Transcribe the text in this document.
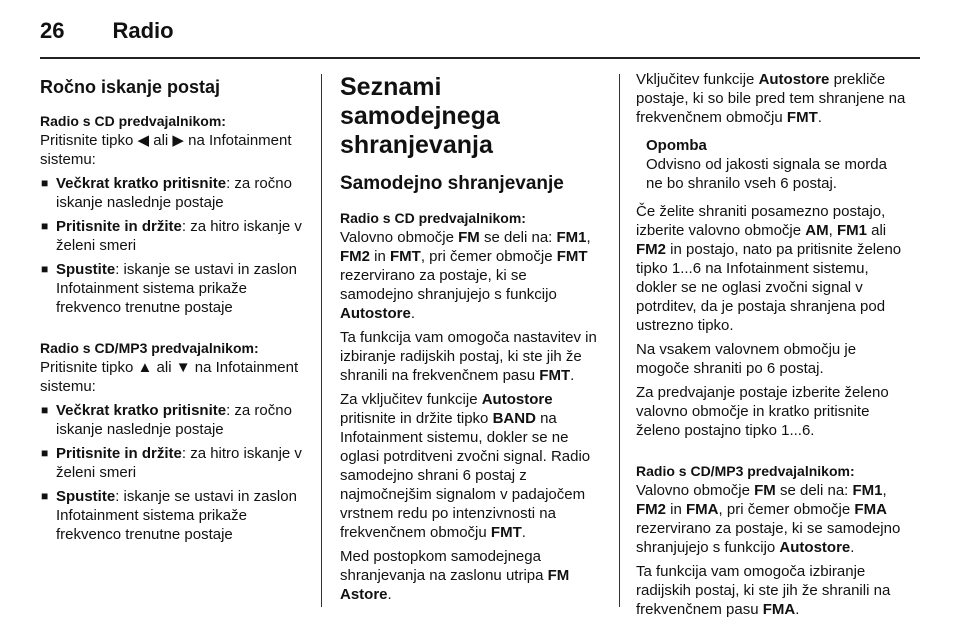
26 Radio
Ročno iskanje postaj
Radio s CD predvajalnikom:

Pritisnite tipko ◀ ali ▶ na Infotainment sistemu:

■ Večkrat kratko pritisnite: za ročno iskanje naslednje postaje
■ Pritisnite in držite: za hitro iskanje v želeni smeri
■ Spustite: iskanje se ustavi in zaslon Infotainment sistema prikaže frekvenco trenutne postaje
Radio s CD/MP3 predvajalnikom:

Pritisnite tipko ▲ ali ▼ na Infotainment sistemu:

■ Večkrat kratko pritisnite: za ročno iskanje naslednje postaje
■ Pritisnite in držite: za hitro iskanje v želeni smeri
■ Spustite: iskanje se ustavi in zaslon Infotainment sistema prikaže frekvenco trenutne postaje
Seznami samodejnega shranjevanja
Samodejno shranjevanje
Radio s CD predvajalnikom:

Valovno območje FM se deli na: FM1, FM2 in FMT, pri čemer območje FMT rezervirano za postaje, ki se samodejno shranjujejo s funkcijo Autostore.

Ta funkcija vam omogoča nastavitev in izbiranje radijskih postaj, ki ste jih že shranili na frekvenčnem pasu FMT.

Za vključitev funkcije Autostore pritisnite in držite tipko BAND na Infotainment sistemu, dokler se ne oglasi potrditveni zvočni signal. Radio samodejno shrani 6 postaj z najmočnejšim signalom v padajočem vrstnem redu po intenzivnosti na frekvenčnem območju FMT.

Med postopkom samodejnega shranjevanja na zaslonu utripa FM Astore.

Vključitev funkcije Autostore prekliče postaje, ki so bile pred tem shranjene na frekvenčnem območju FMT.

Opomba
Odvisno od jakosti signala se morda ne bo shranilo vseh 6 postaj.

Če želite shraniti posamezno postajo, izberite valovno območje AM, FM1 ali FM2 in postajo, nato pa pritisnite želeno tipko 1...6 na Infotainment sistemu, dokler se ne oglasi zvočni signal v potrditev, da je postaja shranjena pod ustrezno tipko.

Na vsakem valovnem območju je mogoče shraniti po 6 postaj.

Za predvajanje postaje izberite želeno valovno območje in kratko pritisnite želeno postajno tipko 1...6.

Radio s CD/MP3 predvajalnikom:

Valovno območje FM se deli na: FM1, FM2 in FMA, pri čemer območje FMA rezervirano za postaje, ki se samodejno shranjujejo s funkcijo Autostore.

Ta funkcija vam omogoča izbiranje radijskih postaj, ki ste jih že shranili na frekvenčnem pasu FMA.
